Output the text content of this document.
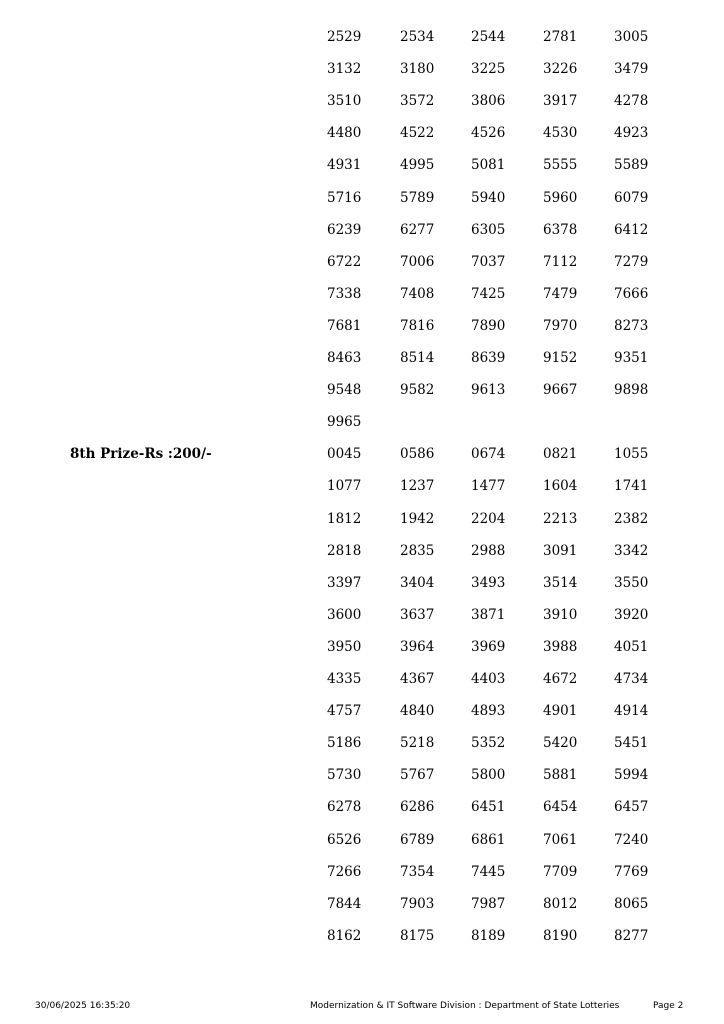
2529	2534	2544	2781	3005
3132	3180	3225	3226	3479
3510	3572	3806	3917	4278
4480	4522	4526	4530	4923
4931	4995	5081	5555	5589
5716	5789	5940	5960	6079
6239	6277	6305	6378	6412
6722	7006	7037	7112	7279
7338	7408	7425	7479	7666
7681	7816	7890	7970	8273
8463	8514	8639	9152	9351
9548	9582	9613	9667	9898
9965
8th Prize-Rs :200/-	0045	0586	0674	0821	1055
1077	1237	1477	1604	1741
1812	1942	2204	2213	2382
2818	2835	2988	3091	3342
3397	3404	3493	3514	3550
3600	3637	3871	3910	3920
3950	3964	3969	3988	4051
4335	4367	4403	4672	4734
4757	4840	4893	4901	4914
5186	5218	5352	5420	5451
5730	5767	5800	5881	5994
6278	6286	6451	6454	6457
6526	6789	6861	7061	7240
7266	7354	7445	7709	7769
7844	7903	7987	8012	8065
8162	8175	8189	8190	8277
30/06/2025 16:35:20	Modernization & IT Software Division : Department of State Lotteries	Page 2
